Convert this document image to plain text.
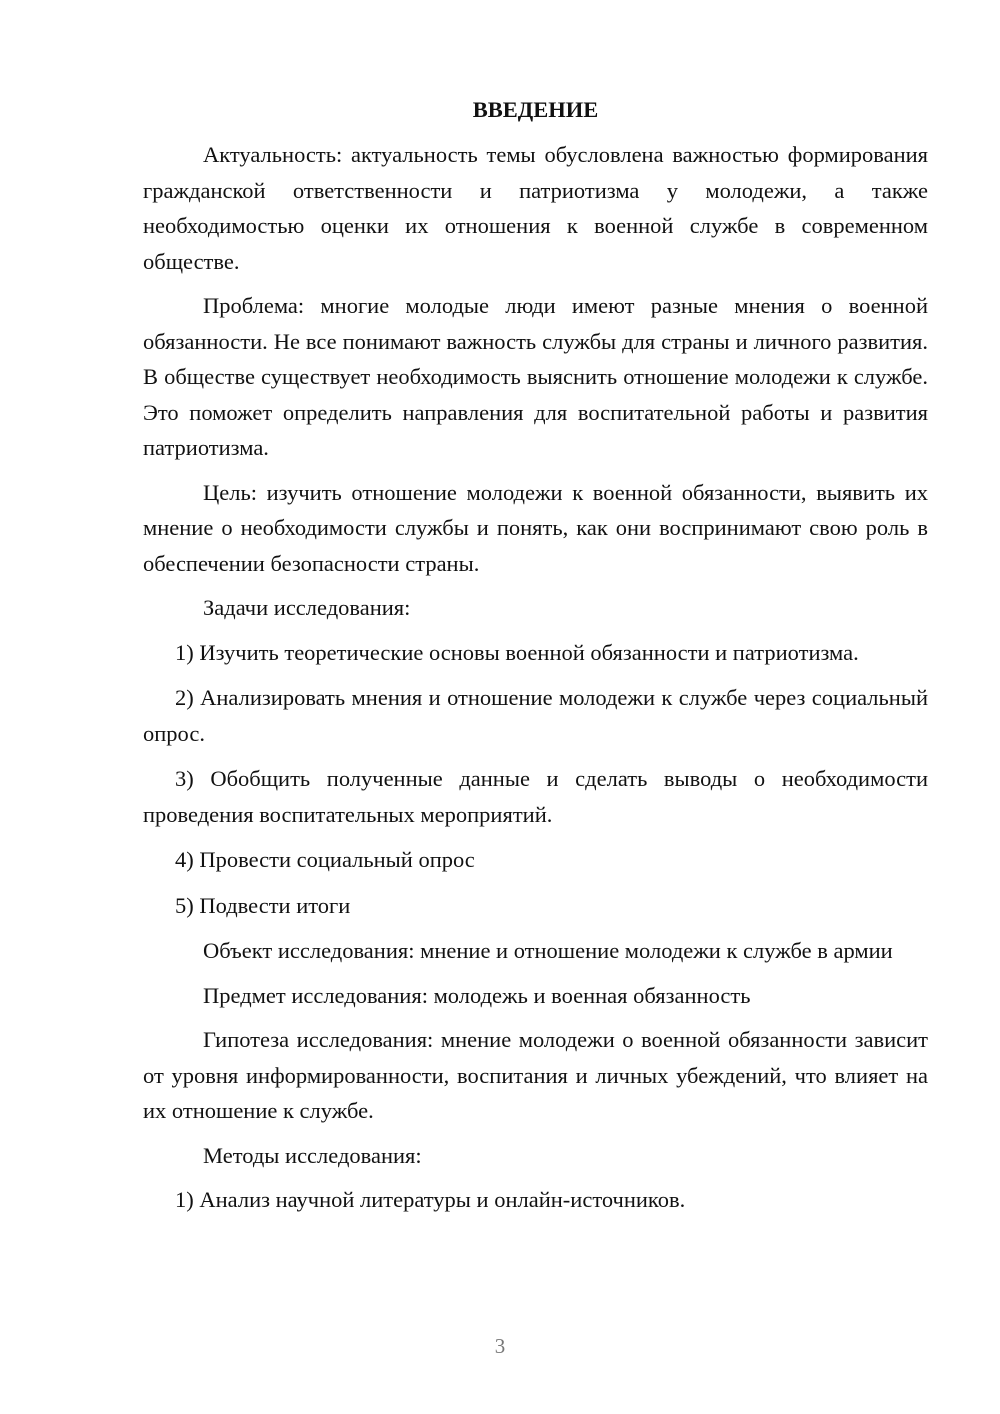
ВВЕДЕНИЕ

Актуальность: актуальность темы обусловлена важностью формирования гражданской ответственности и патриотизма у молодежи, а также необходимостью оценки их отношения к военной службе в современном обществе.

Проблема: многие молодые люди имеют разные мнения о военной обязанности. Не все понимают важность службы для страны и личного развития. В обществе существует необходимость выяснить отношение молодежи к службе. Это поможет определить направления для воспитательной работы и развития патриотизма.

Цель: изучить отношение молодежи к военной обязанности, выявить их мнение о необходимости службы и понять, как они воспринимают свою роль в обеспечении безопасности страны.

Задачи исследования:

1) Изучить теоретические основы военной обязанности и патриотизма.

2) Анализировать мнения и отношение молодежи к службе через социальный опрос.

3) Обобщить полученные данные и сделать выводы о необходимости проведения воспитательных мероприятий.

4) Провести социальный опрос

5) Подвести итоги

Объект исследования: мнение и отношение молодежи к службе в армии

Предмет исследования: молодежь и военная обязанность

Гипотеза исследования: мнение молодежи о военной обязанности зависит от уровня информированности, воспитания и личных убеждений, что влияет на их отношение к службе.

Методы исследования:

1) Анализ научной литературы и онлайн-источников.

3
